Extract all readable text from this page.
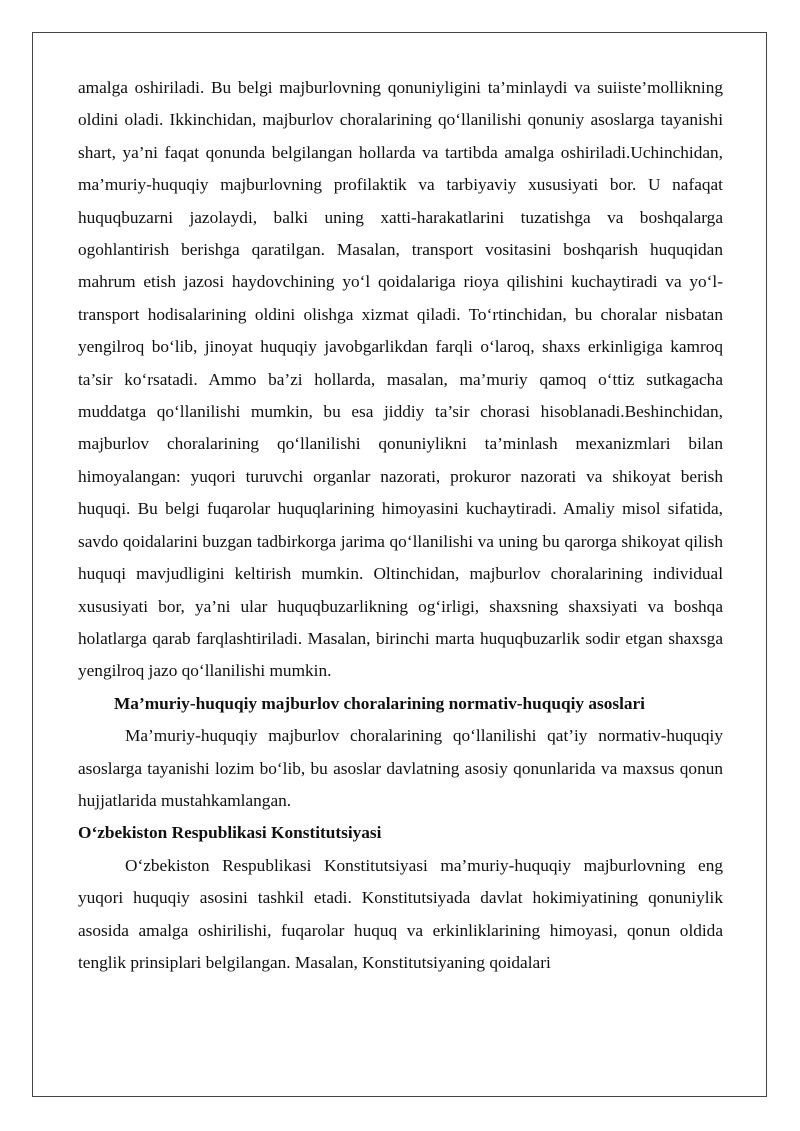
amalga oshiriladi. Bu belgi majburlovning qonuniyligini ta’minlaydi va suiiste’mollikning oldini oladi. Ikkinchidan, majburlov choralarining qo‘llanilishi qonuniy asoslarga tayanishi shart, ya’ni faqat qonunda belgilangan hollarda va tartibda amalga oshiriladi.Uchinchidan, ma’muriy-huquqiy majburlovning profilaktik va tarbiyaviy xususiyati bor. U nafaqat huquqbuzarni jazolaydi, balki uning xatti-harakatlarini tuzatishga va boshqalarga ogohlantirish berishga qaratilgan. Masalan, transport vositasini boshqarish huquqidan mahrum etish jazosi haydovchining yo‘l qoidalariga rioya qilishini kuchaytiradi va yo‘l-transport hodisalarining oldini olishga xizmat qiladi. To‘rtinchidan, bu choralar nisbatan yengilroq bo‘lib, jinoyat huquqiy javobgarlikdan farqli o‘laroq, shaxs erkinligiga kamroq ta’sir ko‘rsatadi. Ammo ba’zi hollarda, masalan, ma’muriy qamoq o‘ttiz sutkagacha muddatga qo‘llanilishi mumkin, bu esa jiddiy ta’sir chorasi hisoblanadi.Beshinchidan, majburlov choralarining qo‘llanilishi qonuniylikni ta’minlash mexanizmlari bilan himoyalangan: yuqori turuvchi organlar nazorati, prokuror nazorati va shikoyat berish huquqi. Bu belgi fuqarolar huquqlarining himoyasini kuchaytiradi. Amaliy misol sifatida, savdo qoidalarini buzgan tadbirkorga jarima qo‘llanilishi va uning bu qarorga shikoyat qilish huquqi mavjudligini keltirish mumkin. Oltinchidan, majburlov choralarining individual xususiyati bor, ya’ni ular huquqbuzarlikning og‘irligi, shaxsning shaxsiyati va boshqa holatlarga qarab farqlashtiriladi. Masalan, birinchi marta huquqbuzarlik sodir etgan shaxsga yengilroq jazo qo‘llanilishi mumkin.

Ma’muriy-huquqiy majburlov choralarining normativ-huquqiy asoslari

Ma’muriy-huquqiy majburlov choralarining qo‘llanilishi qat’iy normativ-huquqiy asoslarga tayanishi lozim bo‘lib, bu asoslar davlatning asosiy qonunlarida va maxsus qonun hujjatlarida mustahkamlangan.

O‘zbekiston Respublikasi Konstitutsiyasi

O‘zbekiston Respublikasi Konstitutsiyasi ma’muriy-huquqiy majburlovning eng yuqori huquqiy asosini tashkil etadi. Konstitutsiyada davlat hokimiyatining qonuniylik asosida amalga oshirilishi, fuqarolar huquq va erkinliklarining himoyasi, qonun oldida tenglik prinsiplari belgilangan. Masalan, Konstitutsiyaning qoidalari
